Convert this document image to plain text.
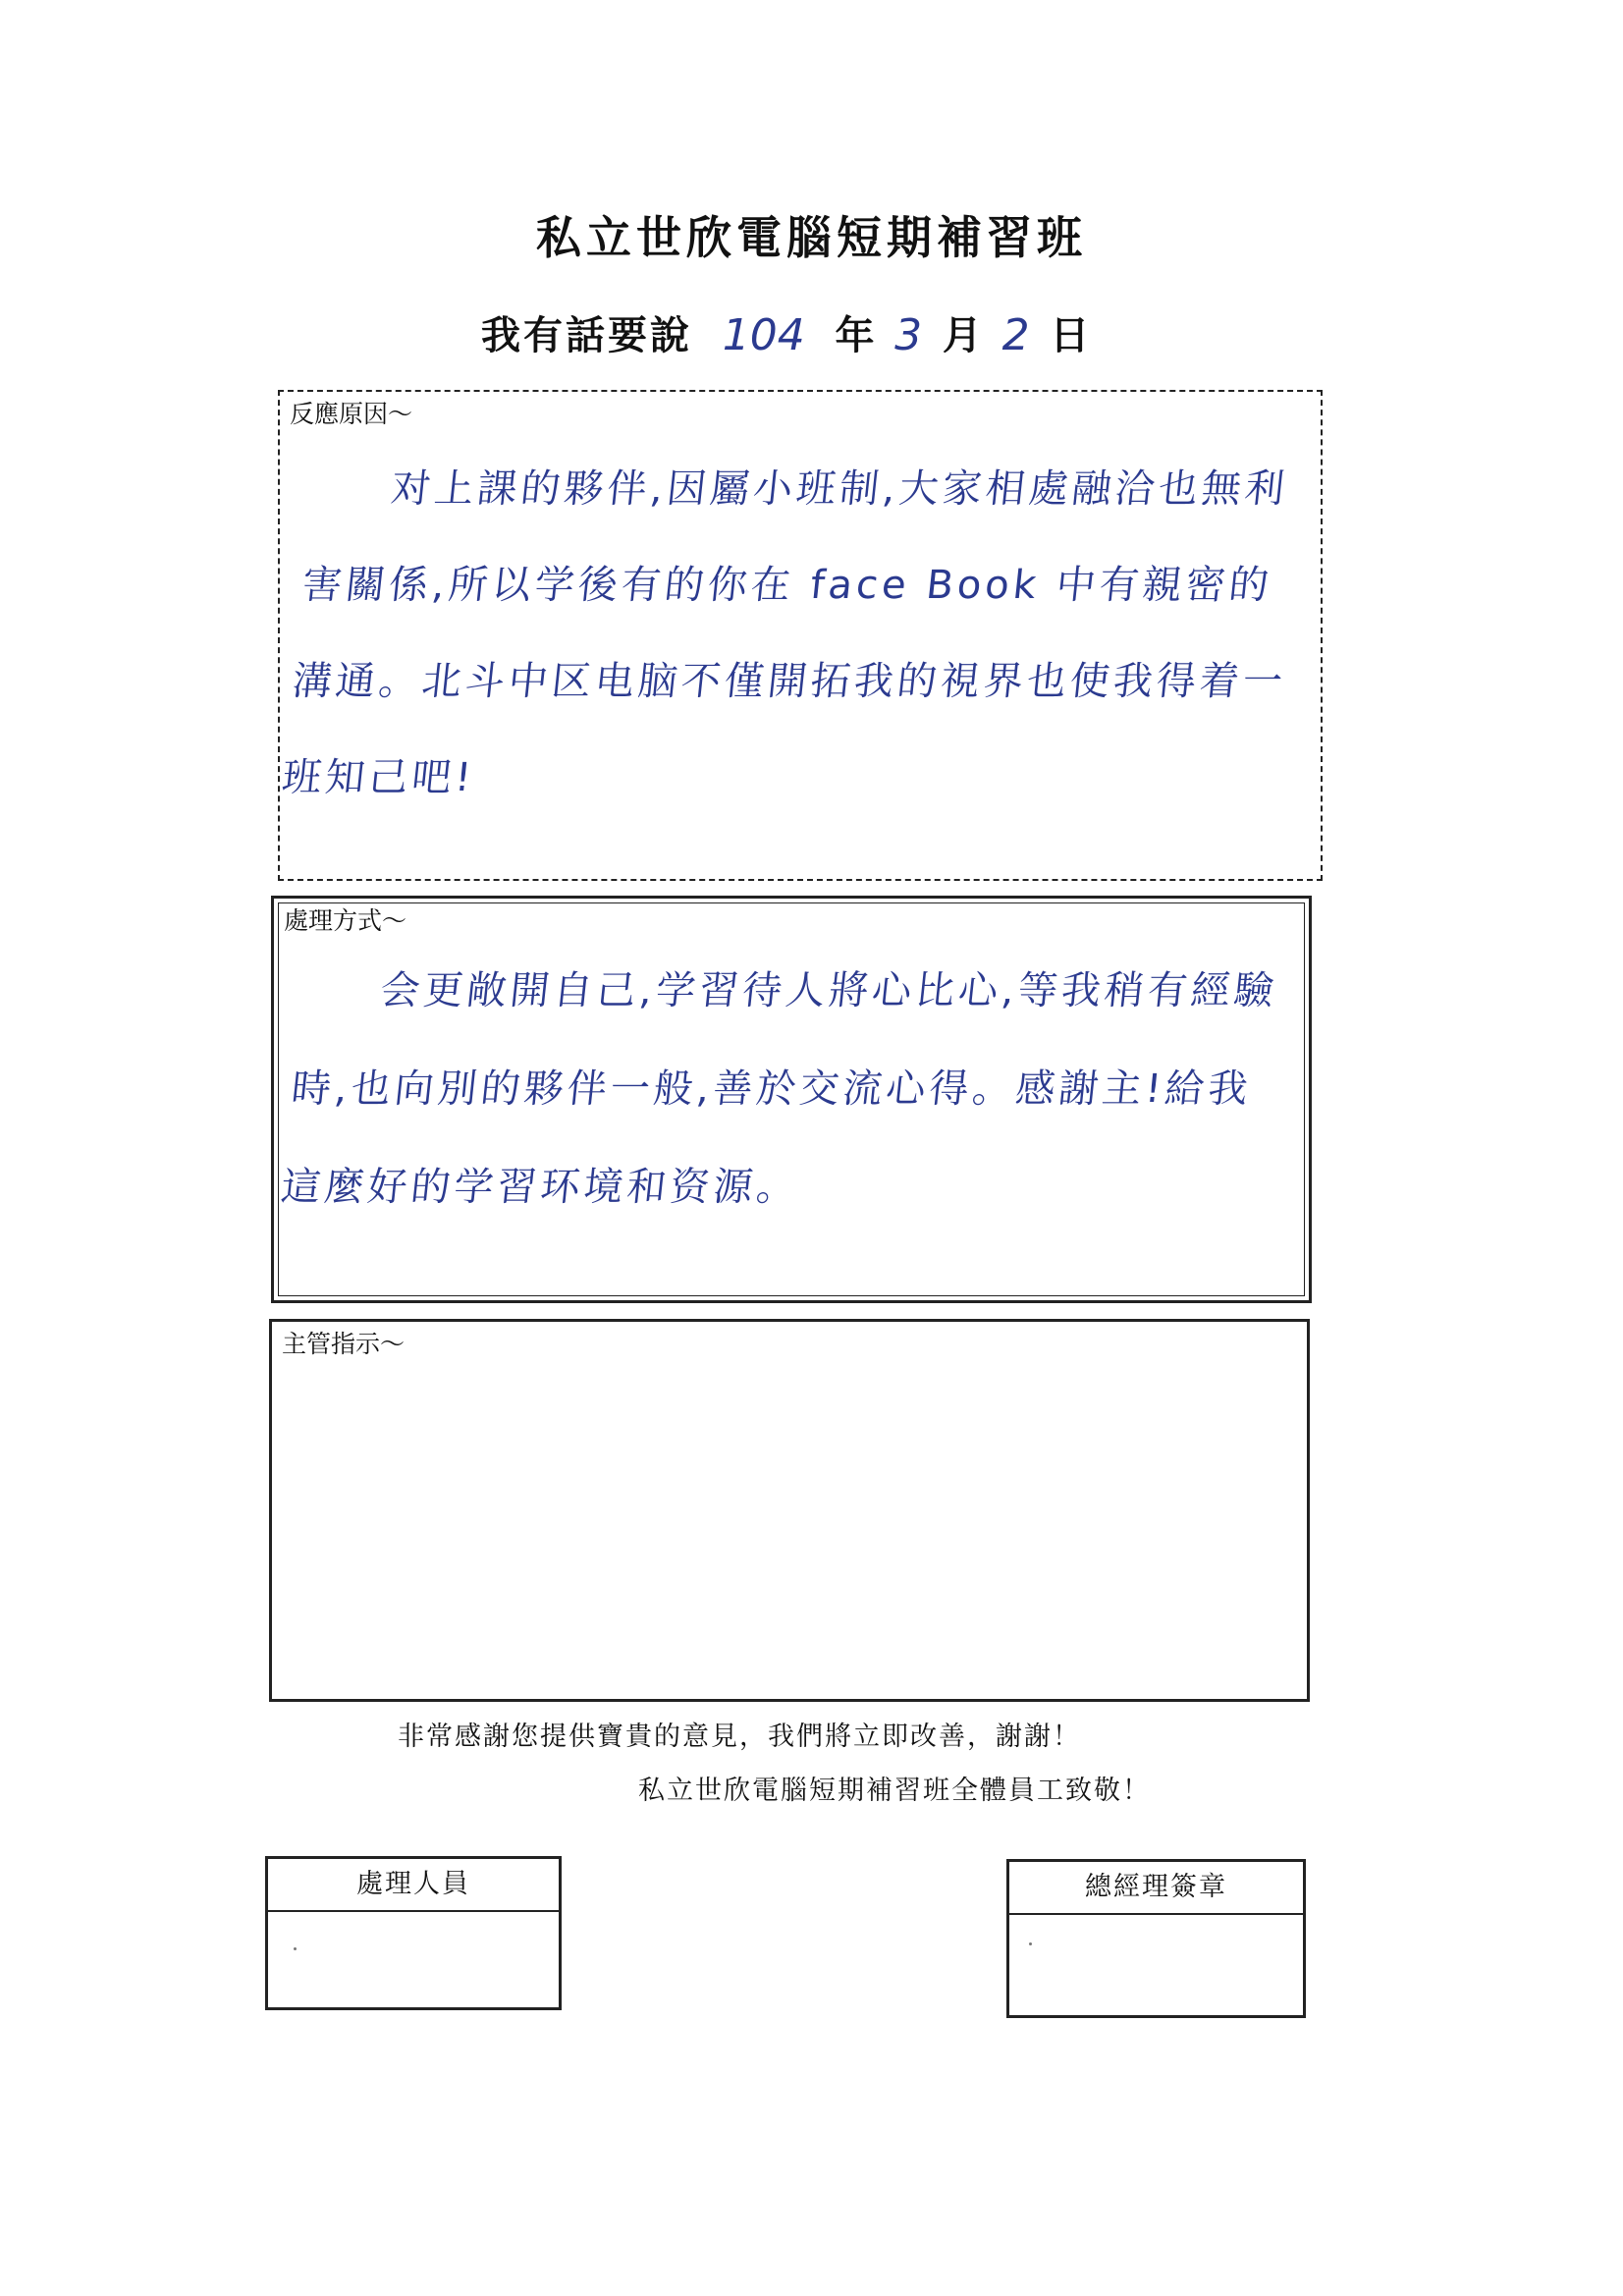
私立世欣電腦短期補習班
我有話要說 104 年 3 月 2 日
反應原因～
对上課的夥伴,因屬小班制,大家相處融洽也無利害關係,所以学後有的你在 face Book 中有親密的溝通。北斗中区电脑不僅開拓我的視界也使我得着一班知己吧!
處理方式～
会更敞開自己,学習待人將心比心,等我稍有經驗時,也向別的夥伴一般,善於交流心得。感謝主!給我這麼好的学習环境和资源。
主管指示～
非常感謝您提供寶貴的意見，我們將立即改善，謝謝！
私立世欣電腦短期補習班全體員工致敬！
處理人員	總經理簽章
